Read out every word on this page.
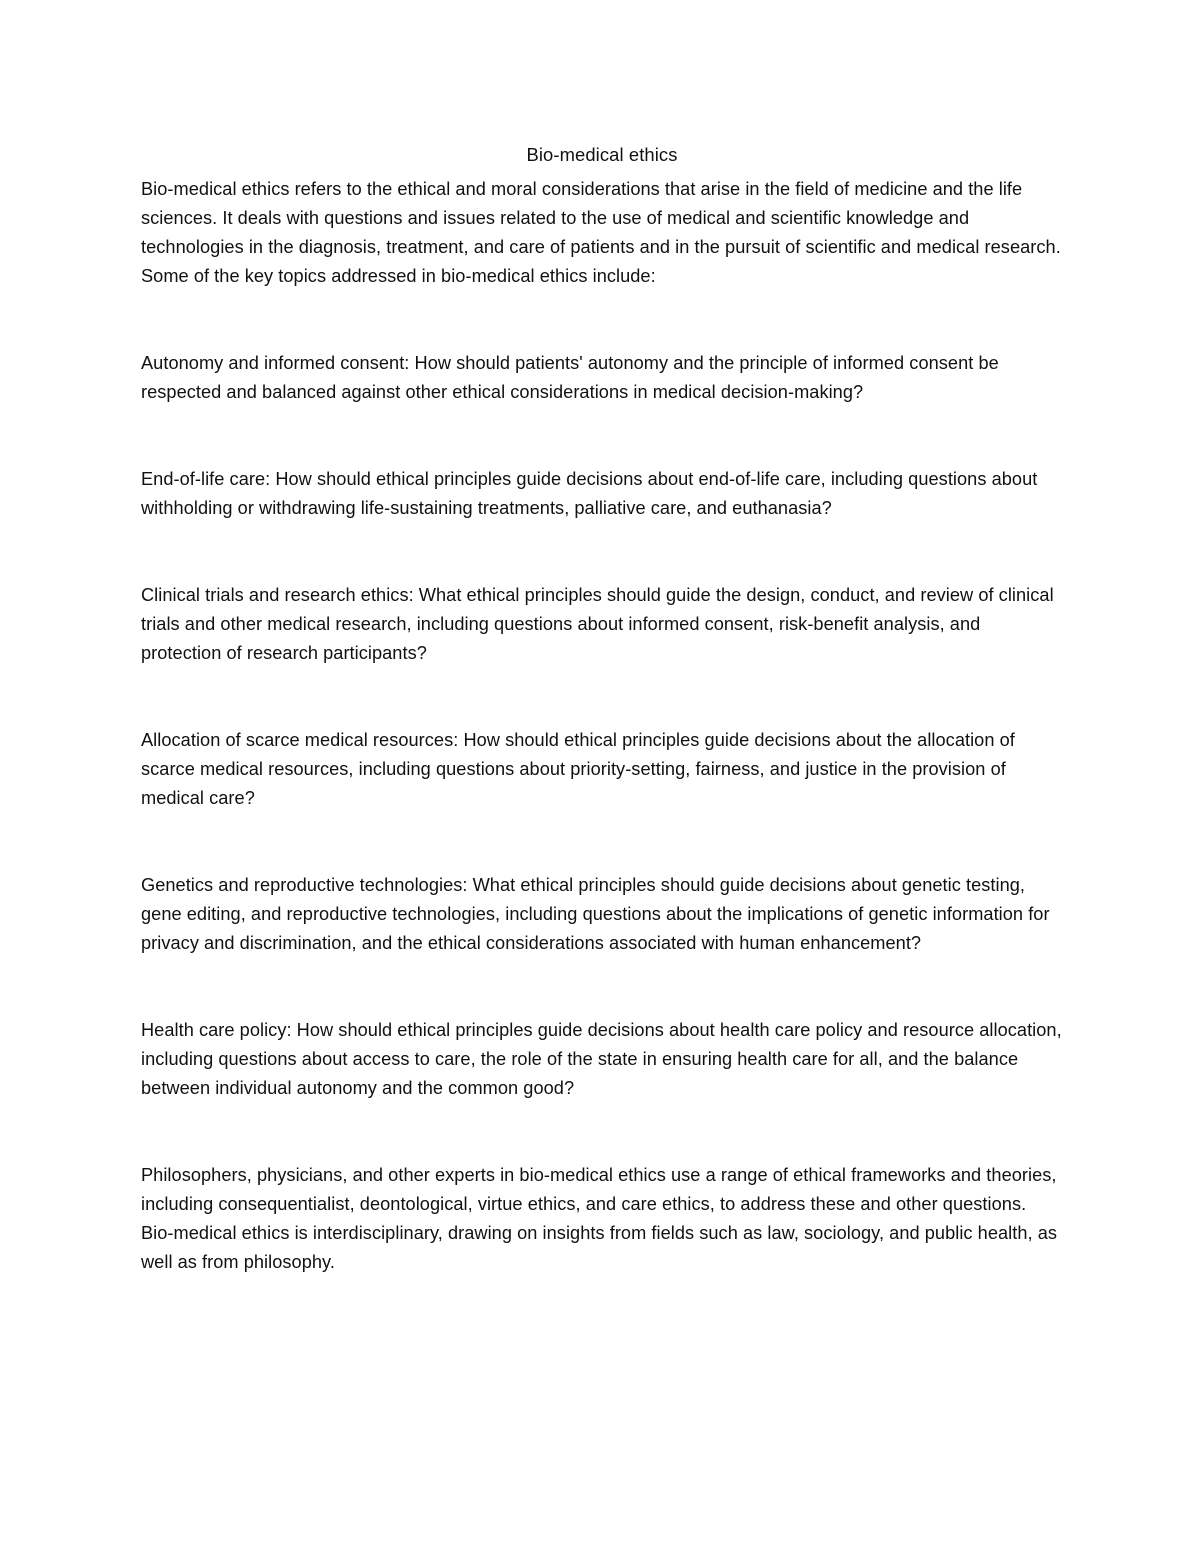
Bio-medical ethics

Bio-medical ethics refers to the ethical and moral considerations that arise in the field of medicine and the life sciences. It deals with questions and issues related to the use of medical and scientific knowledge and technologies in the diagnosis, treatment, and care of patients and in the pursuit of scientific and medical research. Some of the key topics addressed in bio-medical ethics include:

Autonomy and informed consent: How should patients' autonomy and the principle of informed consent be respected and balanced against other ethical considerations in medical decision-making?

End-of-life care: How should ethical principles guide decisions about end-of-life care, including questions about withholding or withdrawing life-sustaining treatments, palliative care, and euthanasia?

Clinical trials and research ethics: What ethical principles should guide the design, conduct, and review of clinical trials and other medical research, including questions about informed consent, risk-benefit analysis, and protection of research participants?

Allocation of scarce medical resources: How should ethical principles guide decisions about the allocation of scarce medical resources, including questions about priority-setting, fairness, and justice in the provision of medical care?

Genetics and reproductive technologies: What ethical principles should guide decisions about genetic testing, gene editing, and reproductive technologies, including questions about the implications of genetic information for privacy and discrimination, and the ethical considerations associated with human enhancement?

Health care policy: How should ethical principles guide decisions about health care policy and resource allocation, including questions about access to care, the role of the state in ensuring health care for all, and the balance between individual autonomy and the common good?

Philosophers, physicians, and other experts in bio-medical ethics use a range of ethical frameworks and theories, including consequentialist, deontological, virtue ethics, and care ethics, to address these and other questions. Bio-medical ethics is interdisciplinary, drawing on insights from fields such as law, sociology, and public health, as well as from philosophy.
